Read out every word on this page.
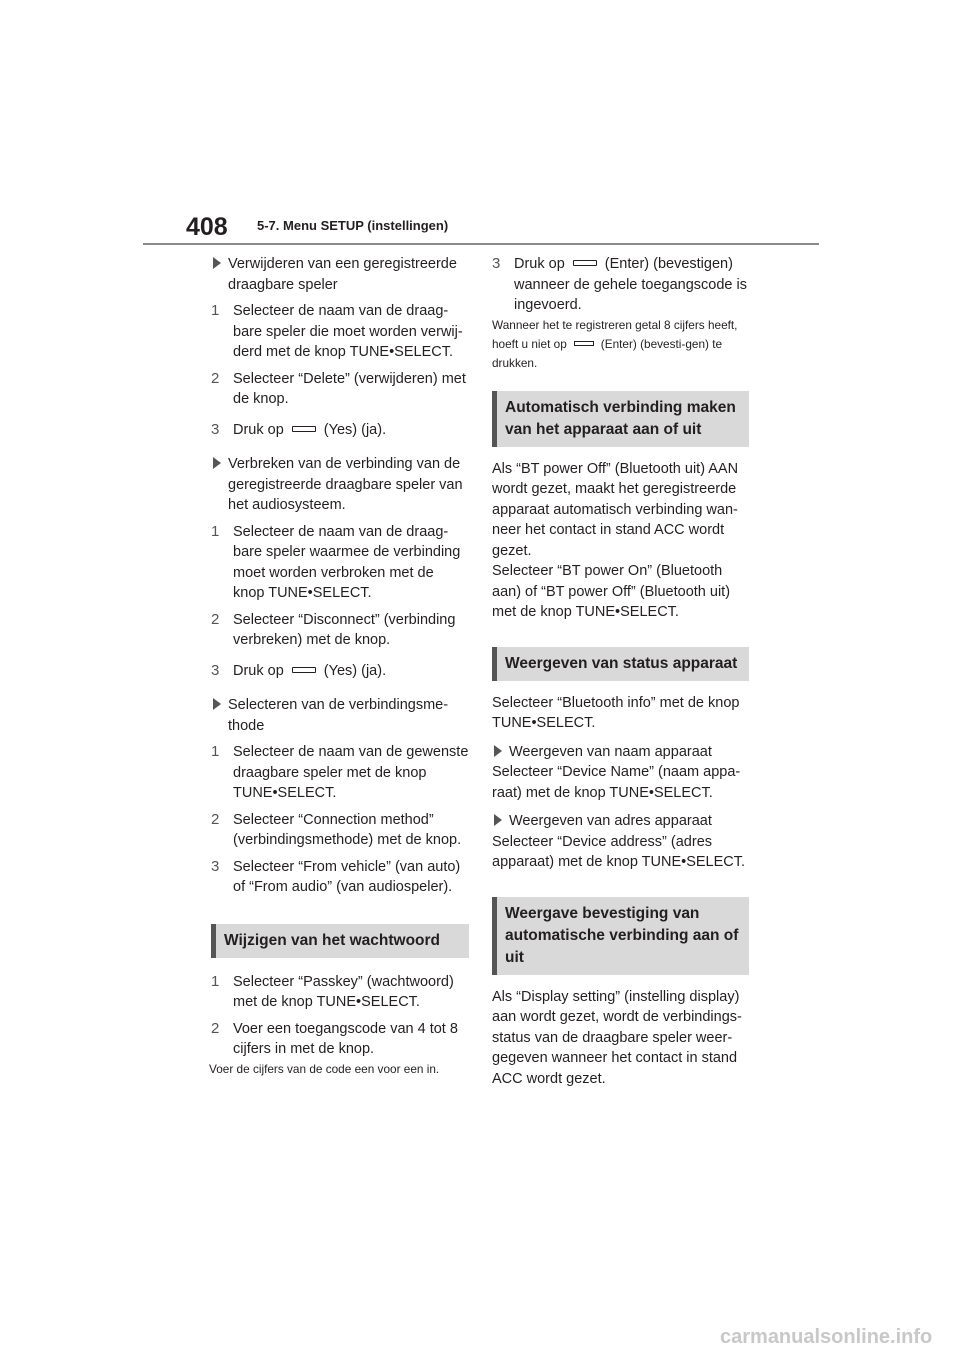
408 5-7. Menu SETUP (instellingen)
Verwijderen van een geregistreerde draagbare speler
1 Selecteer de naam van de draag-bare speler die moet worden verwij-derd met de knop TUNE•SELECT.
2 Selecteer “Delete” (verwijderen) met de knop.
3 Druk op	(Yes) (ja).
Verbreken van de verbinding van de geregistreerde draagbare speler van het audiosysteem.
1 Selecteer de naam van de draag-bare speler waarmee de verbinding moet worden verbroken met de knop TUNE•SELECT.
2 Selecteer “Disconnect” (verbinding verbreken) met de knop.
3 Druk op	(Yes) (ja).
Selecteren van de verbindingsme-thode
1 Selecteer de naam van de gewenste draagbare speler met de knop TUNE•SELECT.
2 Selecteer “Connection method” (verbindingsmethode) met de knop.
3 Selecteer “From vehicle” (van auto) of “From audio” (van audiospeler).
Wijzigen van het wachtwoord
1 Selecteer “Passkey” (wachtwoord) met de knop TUNE•SELECT.
2 Voer een toegangscode van 4 tot 8 cijfers in met de knop.

Voer de cijfers van de code een voor een in.

3 Druk op	(Enter) (bevestigen) wanneer de gehele toegangscode is ingevoerd.

Wanneer het te registreren getal 8 cijfers heeft, hoeft u niet op	(Enter) (bevesti-gen) te drukken.

Automatisch verbinding maken van het apparaat aan of uit

Als “BT power Off” (Bluetooth uit) AAN wordt gezet, maakt het geregistreerde apparaat automatisch verbinding wan-neer het contact in stand ACC wordt gezet.

Selecteer “BT power On” (Bluetooth aan) of “BT power Off” (Bluetooth uit) met de knop TUNE•SELECT.

Weergeven van status apparaat

Selecteer “Bluetooth info” met de knop TUNE•SELECT.

Weergeven van naam apparaat

Selecteer “Device Name” (naam appa-raat) met de knop TUNE•SELECT.

Weergeven van adres apparaat

Selecteer “Device address” (adres apparaat) met de knop TUNE•SELECT.

Weergave bevestiging van automatische verbinding aan of uit

Als “Display setting” (instelling display) aan wordt gezet, wordt de verbindings-status van de draagbare speler weer-gegeven wanneer het contact in stand ACC wordt gezet.

carmanualsonline.info
